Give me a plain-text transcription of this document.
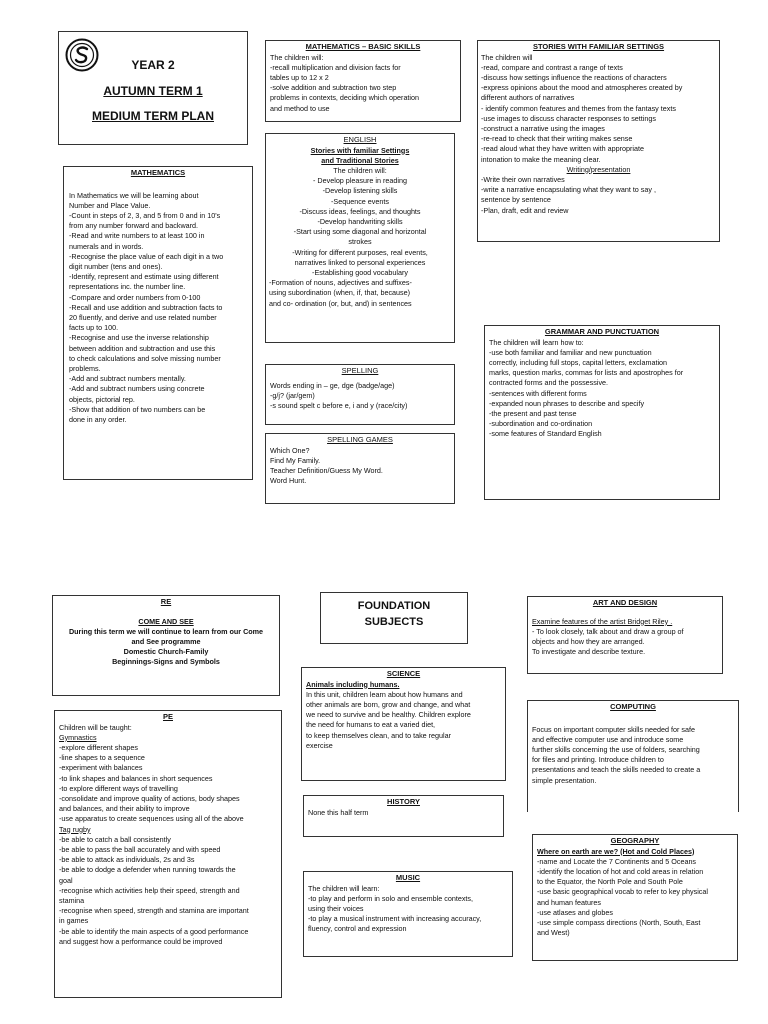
YEAR 2
AUTUMN TERM 1
MEDIUM TERM PLAN
MATHEMATICS – BASIC SKILLS
The children will:
-recall multiplication and division facts for
tables up to 12 x 2
-solve addition and subtraction two step
problems in contexts, deciding which operation
and method to use
STORIES WITH FAMILIAR SETTINGS
The children will
-read, compare and contrast a range of texts
-discuss how settings influence the reactions of characters
-express opinions about the mood and atmospheres created by
different authors of narratives
- identify common features and themes from the fantasy texts
-use images to discuss character responses to settings
-construct a narrative using the images
-re-read to check that their writing makes sense
-read aloud what they have written with appropriate
intonation to make the meaning clear.
Writing/presentation
-Write their own narratives
-write a narrative encapsulating what they want to say ,
sentence by sentence
-Plan, draft, edit and review
MATHEMATICS
In Mathematics we will be learning about
Number and Place Value.
-Count in steps of 2, 3, and 5 from 0 and in 10's
from any number forward and backward.
-Read and write numbers to at least 100 in
numerals and in words.
-Recognise the place value of each digit in a two
digit number (tens and ones).
-Identify, represent and estimate using different
representations inc. the number line.
-Compare and order numbers from 0-100
-Recall and use addition and subtraction facts to
20 fluently, and derive and use related number
facts up to 100.
-Recognise and use the inverse relationship
between addition and subtraction and use this
to check calculations and solve missing number
problems.
-Add and subtract numbers mentally.
-Add and subtract numbers using concrete
objects, pictorial rep.
-Show that addition of two numbers can be
done in any order.
ENGLISH
Stories with familiar Settings
and Traditional Stories
The children will:
- Develop pleasure in reading
-Develop listening skills
-Sequence events
-Discuss ideas, feelings, and thoughts
-Develop handwriting skills
-Start using some diagonal and horizontal
strokes
-Writing for different purposes, real events,
narratives linked to personal experiences
-Establishing good vocabulary
-Formation of nouns, adjectives and suffixes-
using subordination (when, if, that, because)
and co- ordination (or, but, and) in sentences
SPELLING
Words ending in – ge, dge (badge/age)
-g/j? (jar/gem)
-s sound spelt c before e, i and y (race/city)
SPELLING GAMES
Which One?
Find My Family.
Teacher Definition/Guess My Word.
Word Hunt.
GRAMMAR AND PUNCTUATION
The children will learn how to:
-use both familiar and familiar and new punctuation
correctly, including full stops, capital letters, exclamation
marks, question marks, commas for lists and apostrophes for
contracted forms and the possessive.
-sentences with different forms
-expanded noun phrases to describe and specify
-the present and past tense
-subordination and co-ordination
-some features of Standard English
RE
COME AND SEE
During this term we will continue to learn from our Come
and See programme
Domestic Church-Family
Beginnings-Signs and Symbols
FOUNDATION
SUBJECTS
ART AND DESIGN
Examine features of the artist Bridget Riley .
- To look closely, talk about and draw a group of
objects and how they are arranged.
To investigate and describe texture.
SCIENCE
Animals including humans.
In this unit, children learn about how humans and
other animals are born, grow and change, and what
we need to survive and be healthy. Children explore
the need for humans to eat a varied diet,
to keep themselves clean, and to take regular
exercise
COMPUTING
Focus on important computer skills needed for safe
and effective computer use and introduce some
further skills concerning the use of folders, searching
for files and printing. Introduce children to
presentations and teach the skills needed to create a
simple presentation.
PE
Children will be taught:
Gymnastics
-explore different shapes
-line shapes to a sequence
-experiment with balances
-to link shapes and balances in short sequences
-to explore different ways of travelling
-consolidate and improve quality of actions, body shapes
and balances, and their ability to improve
-use apparatus to create sequences using all of the above
Tag rugby
-be able to catch a ball consistently
-be able to pass the ball accurately and with speed
-be able to attack as individuals, 2s and 3s
-be able to dodge a defender when running towards the
goal
-recognise which activities help their speed, strength and
stamina
-recognise when speed, strength and stamina are important
in games
-be able to identify the main aspects of a good performance
and suggest how a performance could be improved
HISTORY
None this half term
GEOGRAPHY
Where on earth are we? (Hot and Cold Places)
-name and Locate the 7 Continents and 5 Oceans
-identify the location of hot and cold areas in relation
to the Equator, the North Pole and South Pole
-use basic geographical vocab to refer to key physical
and human features
-use atlases and globes
-use simple compass directions (North, South, East
and West)
MUSIC
The children will learn:
-to play and perform in solo and ensemble contexts,
using their voices
-to play a musical instrument with increasing accuracy,
fluency, control and expression
